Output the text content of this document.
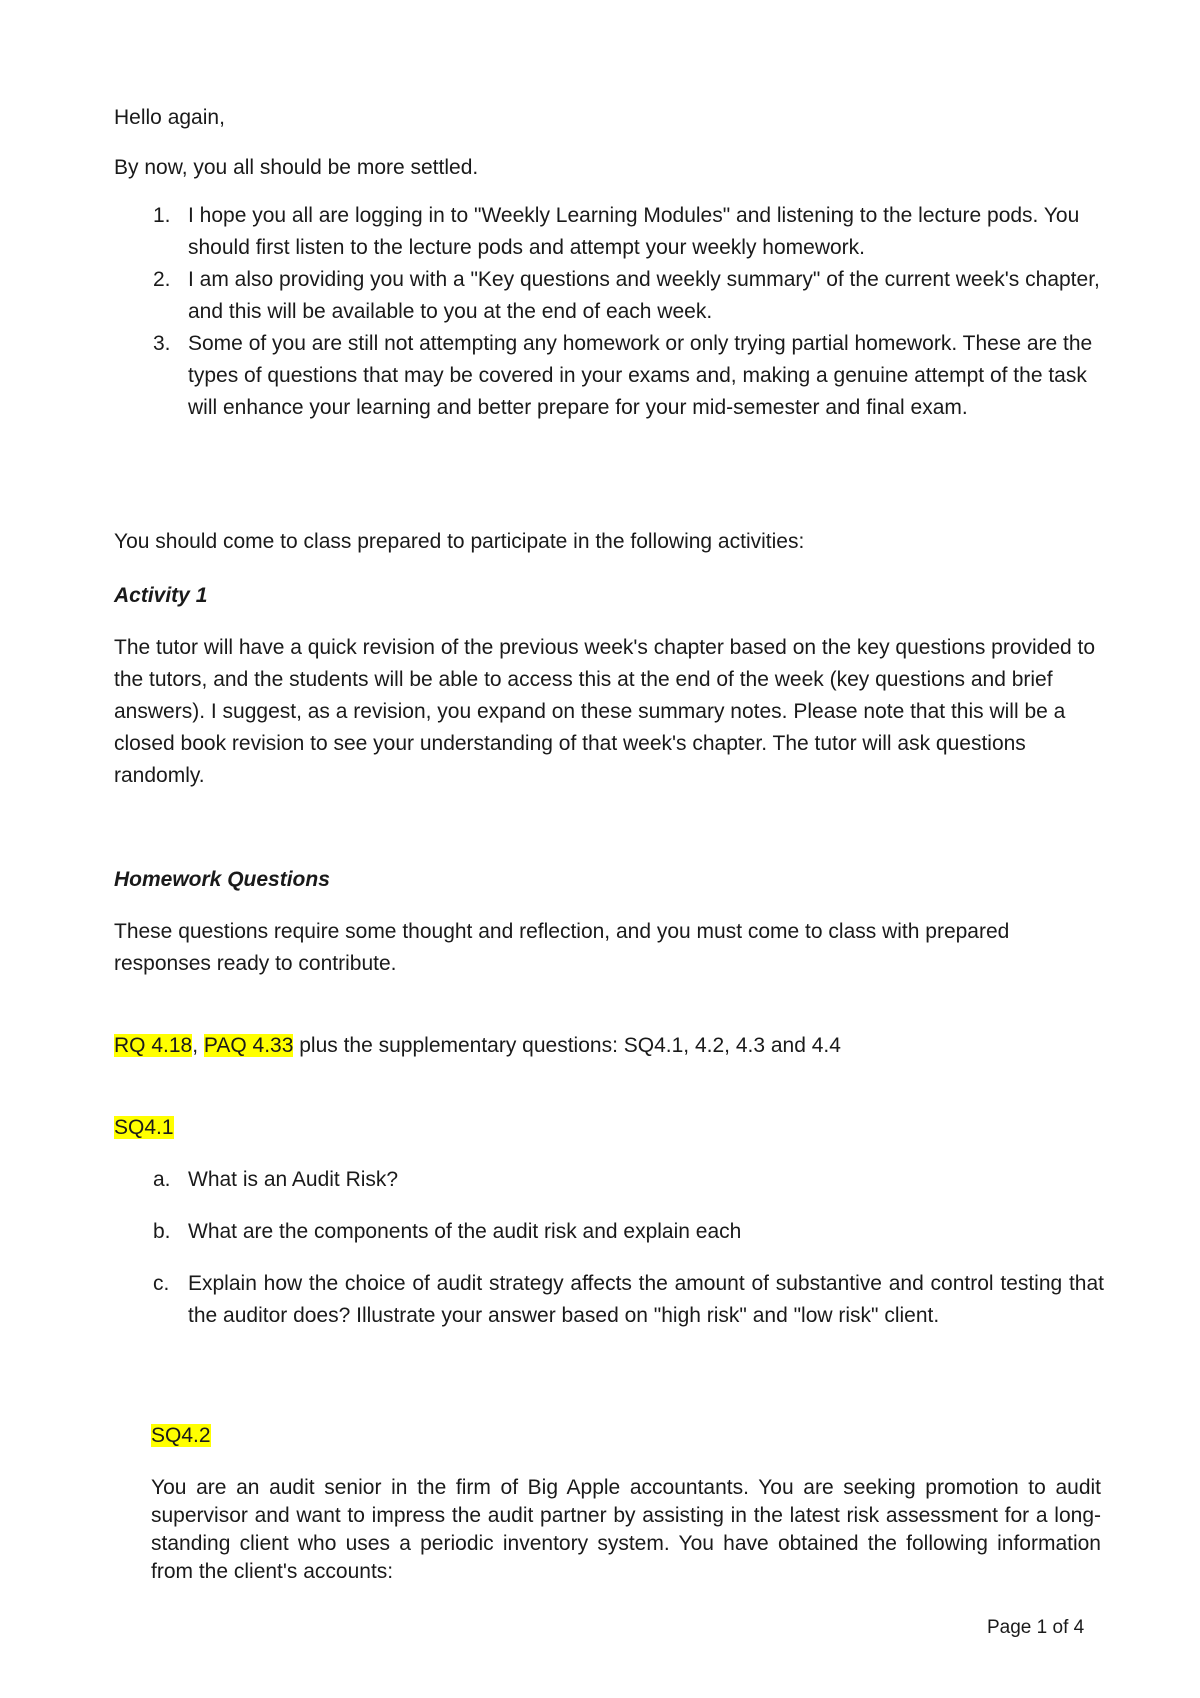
Hello again,

By now, you all should be more settled.

1. I hope you all are logging in to "Weekly Learning Modules" and listening to the lecture pods. You should first listen to the lecture pods and attempt your weekly homework.
2. I am also providing you with a "Key questions and weekly summary" of the current week's chapter, and this will be available to you at the end of each week.
3. Some of you are still not attempting any homework or only trying partial homework. These are the types of questions that may be covered in your exams and, making a genuine attempt of the task will enhance your learning and better prepare for your mid-semester and final exam.

You should come to class prepared to participate in the following activities:

Activity 1

The tutor will have a quick revision of the previous week's chapter based on the key questions provided to the tutors, and the students will be able to access this at the end of the week (key questions and brief answers). I suggest, as a revision, you expand on these summary notes. Please note that this will be a closed book revision to see your understanding of that week's chapter. The tutor will ask questions randomly.

Homework Questions

These questions require some thought and reflection, and you must come to class with prepared responses ready to contribute.

RQ 4.18, PAQ 4.33 plus the supplementary questions: SQ4.1, 4.2, 4.3 and 4.4

SQ4.1

a. What is an Audit Risk?
b. What are the components of the audit risk and explain each
c. Explain how the choice of audit strategy affects the amount of substantive and control testing that the auditor does? Illustrate your answer based on "high risk" and "low risk" client.

SQ4.2

You are an audit senior in the firm of Big Apple accountants. You are seeking promotion to audit supervisor and want to impress the audit partner by assisting in the latest risk assessment for a long-standing client who uses a periodic inventory system. You have obtained the following information from the client's accounts:

Page 1 of 4
